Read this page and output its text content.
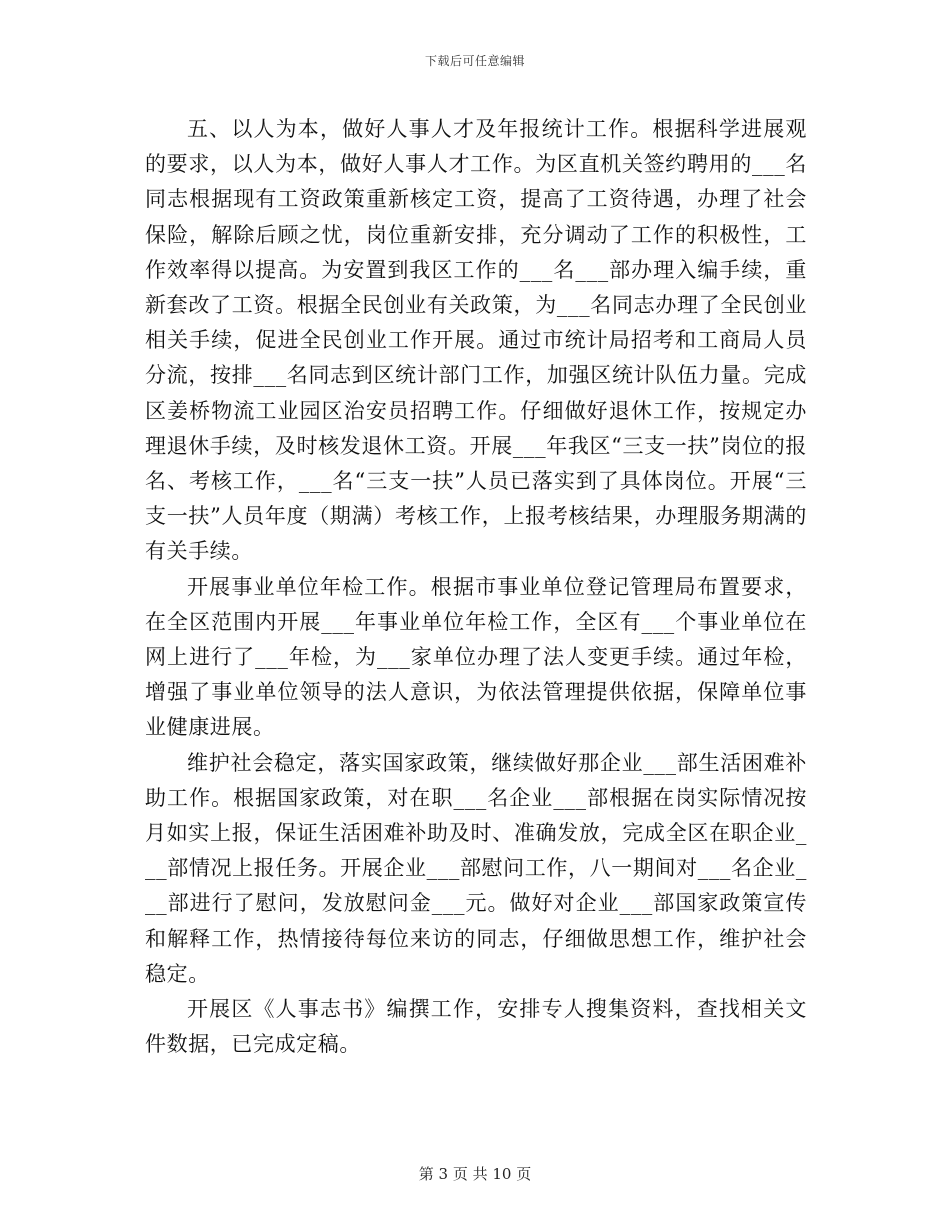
下载后可任意编辑

五、以人为本，做好人事人才及年报统计工作。根据科学进展观的要求，以人为本，做好人事人才工作。为区直机关签约聘用的___名同志根据现有工资政策重新核定工资，提高了工资待遇，办理了社会保险，解除后顾之忧，岗位重新安排，充分调动了工作的积极性，工作效率得以提高。为安置到我区工作的___名___部办理入编手续，重新套改了工资。根据全民创业有关政策，为___名同志办理了全民创业相关手续，促进全民创业工作开展。通过市统计局招考和工商局人员分流，按排___名同志到区统计部门工作，加强区统计队伍力量。完成区姜桥物流工业园区治安员招聘工作。仔细做好退休工作，按规定办理退休手续，及时核发退休工资。开展___年我区“三支一扶”岗位的报名、考核工作，___名“三支一扶”人员已落实到了具体岗位。开展“三支一扶”人员年度（期满）考核工作，上报考核结果，办理服务期满的有关手续。

开展事业单位年检工作。根据市事业单位登记管理局布置要求，在全区范围内开展___年事业单位年检工作，全区有___个事业单位在网上进行了___年检，为___家单位办理了法人变更手续。通过年检，增强了事业单位领导的法人意识，为依法管理提供依据，保障单位事业健康进展。

维护社会稳定，落实国家政策，继续做好那企业___部生活困难补助工作。根据国家政策，对在职___名企业___部根据在岗实际情况按月如实上报，保证生活困难补助及时、准确发放，完成全区在职企业___部情况上报任务。开展企业___部慰问工作，八一期间对___名企业___部进行了慰问，发放慰问金___元。做好对企业___部国家政策宣传和解释工作，热情接待每位来访的同志，仔细做思想工作，维护社会稳定。

开展区《人事志书》编撰工作，安排专人搜集资料，查找相关文件数据，已完成定稿。

第 3 页 共 10 页
